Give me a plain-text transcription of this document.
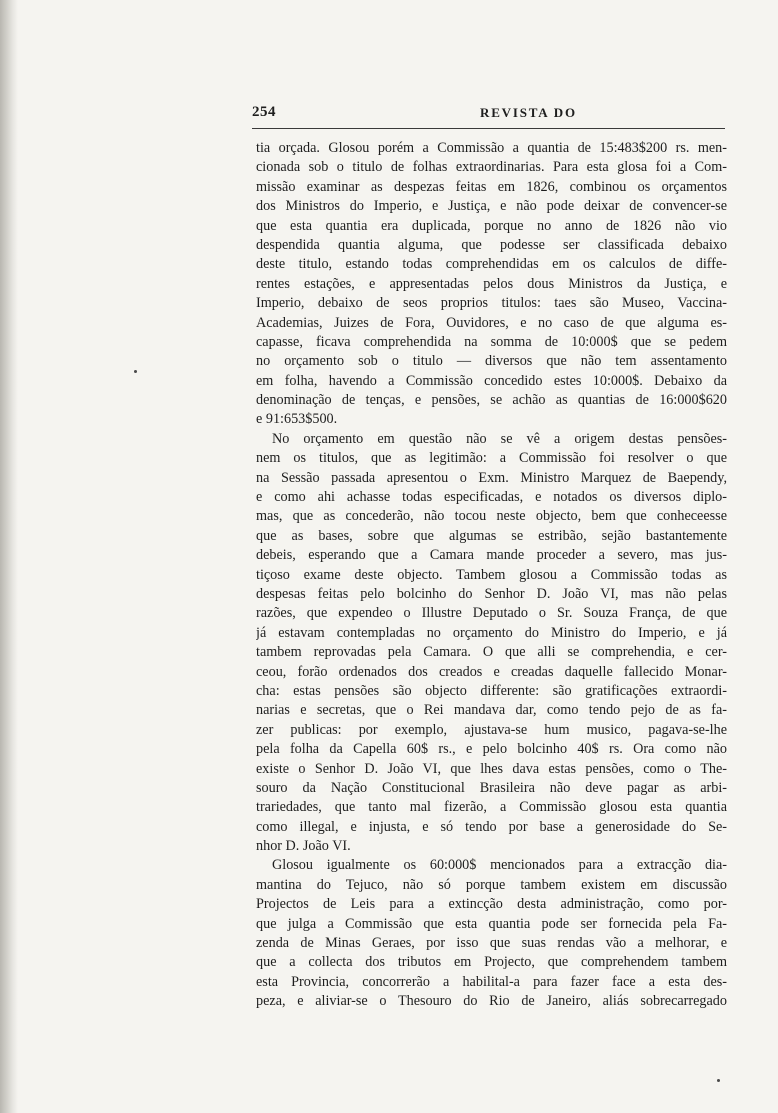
254	REVISTA DO
tia orçada. Glosou porém a Commissão a quantia de 15:483$200 rs. men-
cionada sob o titulo de folhas extraordinarias. Para esta glosa foi a Com-
missão examinar as despezas feitas em 1826, combinou os orçamentos
dos Ministros do Imperio, e Justiça, e não pode deixar de convencer-se
que esta quantia era duplicada, porque no anno de 1826 não vio
despendida quantia alguma, que podesse ser classificada debaixo
deste titulo, estando todas comprehendidas em os calculos de diffe-
rentes estações, e appresentadas pelos dous Ministros da Justiça, e
Imperio, debaixo de seos proprios titulos: taes são Museo, Vaccina-
Academias, Juizes de Fora, Ouvidores, e no caso de que alguma es-
capasse, ficava comprehendida na somma de 10:000$ que se pedem
no orçamento sob o titulo — diversos que não tem assentamento
em folha, havendo a Commissão concedido estes 10:000$. Debaixo da
denominação de tenças, e pensões, se achão as quantias de 16:000$620
e 91:653$500.
No orçamento em questão não se vê a origem destas pensões-
nem os titulos, que as legitimão: a Commissão foi resolver o que
na Sessão passada apresentou o Exm. Ministro Marquez de Baependy,
e como ahi achasse todas especificadas, e notados os diversos diplo-
mas, que as concederão, não tocou neste objecto, bem que conheceesse
que as bases, sobre que algumas se estribão, sejão bastantemente
debeis, esperando que a Camara mande proceder a severo, mas jus-
tiçoso exame deste objecto. Tambem glosou a Commissão todas as
despesas feitas pelo bolcinho do Senhor D. João VI, mas não pelas
razões, que expendeo o Illustre Deputado o Sr. Souza França, de que
já estavam contempladas no orçamento do Ministro do Imperio, e já
tambem reprovadas pela Camara. O que alli se comprehendia, e cer-
ceou, forão ordenados dos creados e creadas daquelle fallecido Monar-
cha: estas pensões são objecto differente: são gratificações extraordi-
narias e secretas, que o Rei mandava dar, como tendo pejo de as fa-
zer publicas: por exemplo, ajustava-se hum musico, pagava-se-lhe
pela folha da Capella 60$ rs., e pelo bolcinho 40$ rs. Ora como não
existe o Senhor D. João VI, que lhes dava estas pensões, como o The-
souro da Nação Constitucional Brasileira não deve pagar as arbi-
trariedades, que tanto mal fizerão, a Commissão glosou esta quantia
como illegal, e injusta, e só tendo por base a generosidade do Se-
nhor D. João VI.
Glosou igualmente os 60:000$ mencionados para a extracção dia-
mantina do Tejuco, não só porque tambem existem em discussão
Projectos de Leis para a extincção desta administração, como por-
que julga a Commissão que esta quantia pode ser fornecida pela Fa-
zenda de Minas Geraes, por isso que suas rendas vão a melhorar, e
que a collecta dos tributos em Projecto, que comprehendem tambem
esta Provincia, concorrerão a habilital-a para fazer face a esta des-
peza, e aliviar-se o Thesouro do Rio de Janeiro, aliás sobrecarregado
